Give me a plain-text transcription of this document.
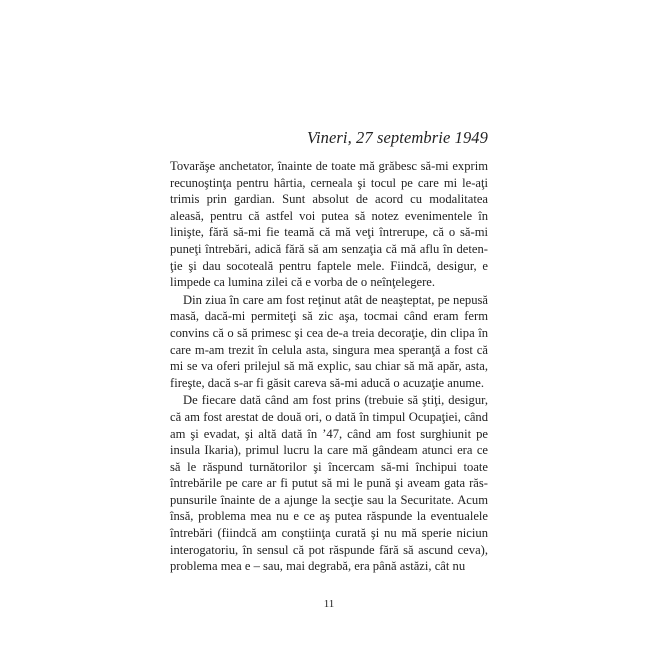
Vineri, 27 septembrie 1949

Tovarăşe anchetator, înainte de toate mă grăbesc să-mi exprim recunoştinţa pentru hârtia, cerneala şi tocul pe care mi le-aţi trimis prin gardian. Sunt absolut de acord cu modalitatea aleasă, pentru că astfel voi putea să notez evenimentele în linişte, fără să-mi fie teamă că mă veţi întrerupe, că o să-mi puneţi întrebări, adică fără să am senzaţia că mă aflu în detenţie şi dau socoteală pentru faptele mele. Fiindcă, desigur, e limpede ca lumina zilei că e vorba de o neînţelegere.

Din ziua în care am fost reţinut atât de neaşteptat, pe nepusă masă, dacă-mi permiteţi să zic aşa, tocmai când eram ferm convins că o să primesc şi cea de-a treia decoraţie, din clipa în care m-am trezit în celula asta, singura mea speranţă a fost că mi se va oferi prilejul să mă explic, sau chiar să mă apăr, asta, fireşte, dacă s-ar fi găsit careva să-mi aducă o acuzaţie anume.

De fiecare dată când am fost prins (trebuie să ştiţi, desigur, că am fost arestat de două ori, o dată în timpul Ocupaţiei, când am şi evadat, şi altă dată în ’47, când am fost surghiunit pe insula Ikaria), primul lucru la care mă gândeam atunci era ce să le răspund turnătorilor şi încercam să-mi închipui toate întrebările pe care ar fi putut să mi le pună şi aveam gata răspunsurile înainte de a ajunge la secţie sau la Securitate. Acum însă, problema mea nu e ce aş putea răspunde la eventualele întrebări (fiindcă am conştiinţa curată şi nu mă sperie niciun interogatoriu, în sensul că pot răspunde fără să ascund ceva), problema mea e – sau, mai degrabă, era până astăzi, cât nu

11
